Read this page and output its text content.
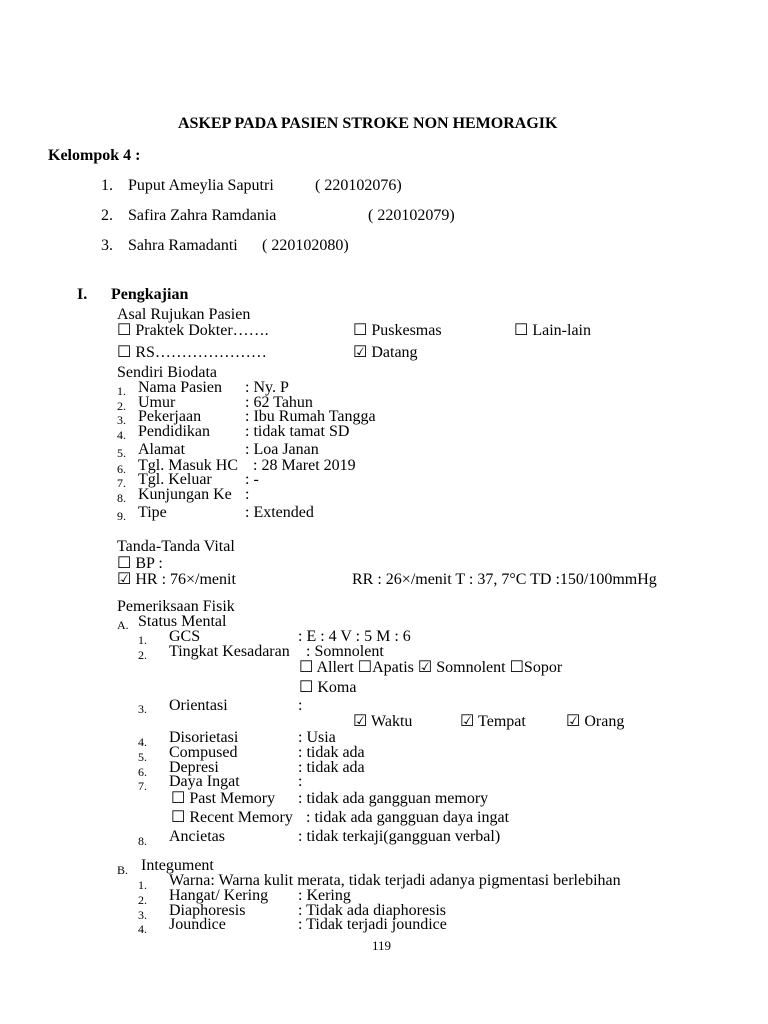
ASKEP PADA PASIEN STROKE NON HEMORAGIK
Kelompok 4 :
1. Puput Ameylia Saputri	( 220102076)
2. Safira Zahra Ramdania	( 220102079)
3. Sahra Ramadanti ( 220102080)
I. Pengkajian
Asal Rujukan Pasien
☐ Praktek Dokter…….	☐ Puskesmas	☐ Lain-lain
☐ RS…………………	☑ Datang
Sendiri Biodata
1. Nama Pasien : Ny. P
2. Umur	: 62 Tahun
3. Pekerjaan	: Ibu Rumah Tangga
4. Pendidikan : tidak tamat SD
5. Alamat	: Loa Janan
6. Tgl. Masuk HC : 28 Maret 2019
7. Tgl. Keluar : -
8. Kunjungan Ke :
9. Tipe	: Extended
Tanda-Tanda Vital
☐ BP :
☑ HR : 76×/menit	RR : 26×/menit T : 37, 7°C TD :150/100mmHg
Pemeriksaan Fisik
A. Status Mental
1. GCS	: E : 4 V : 5 M : 6
2. Tingkat Kesadaran : Somnolent
☐ Allert ☐Apatis ☑ Somnolent ☐Sopor
☐ Koma
3. Orientasi	:
☑ Waktu	☑ Tempat	☑ Orang
4. Disorietasi	: Usia
5. Compused	: tidak ada
6. Depresi	: tidak ada
7. Daya Ingat	:
☐ Past Memory : tidak ada gangguan memory
☐ Recent Memory : tidak ada gangguan daya ingat
8. Ancietas	: tidak terkaji(gangguan verbal)
B. Integument
1. Warna: Warna kulit merata, tidak terjadi adanya pigmentasi berlebihan
2. Hangat/ Kering : Kering
3. Diaphoresis	: Tidak ada diaphoresis
4. Joundice	: Tidak terjadi joundice
119
